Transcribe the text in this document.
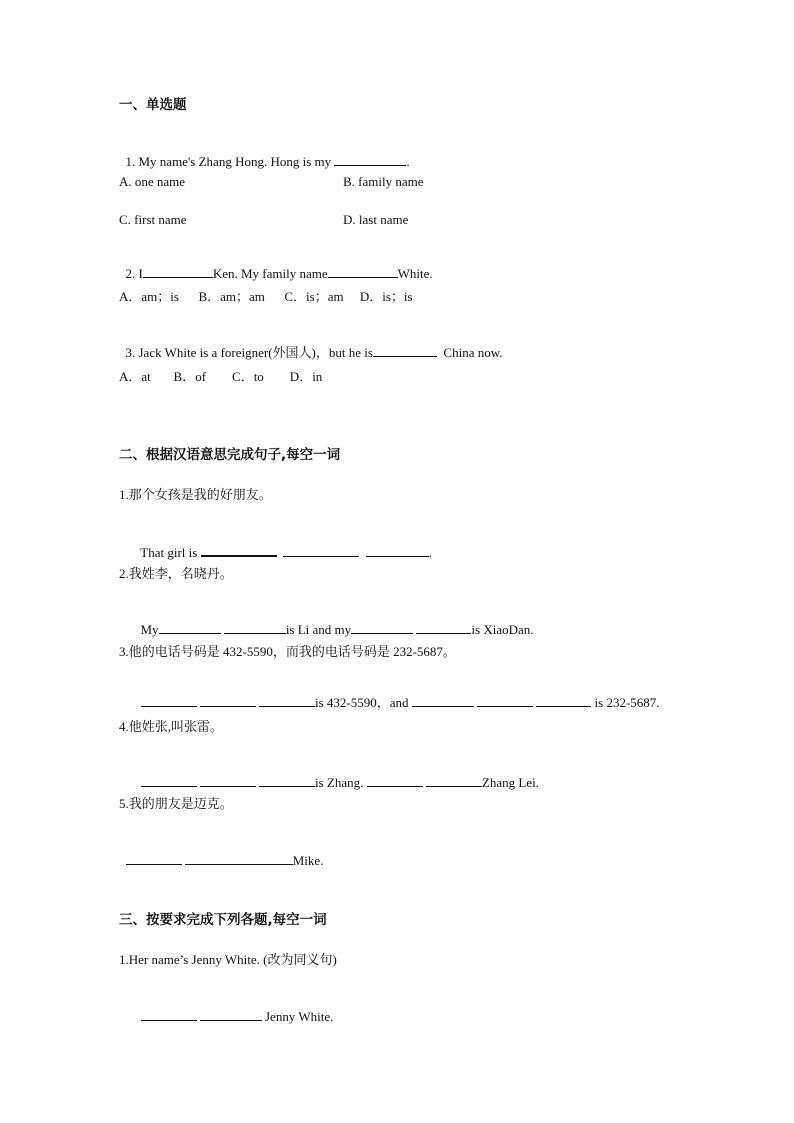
一、单选题

1. My name's Zhang Hong. Hong is my	.

A. one name	B. family name
C. first name	D. last name

2. I	Ken. My family name	White.

A．am；is      B．am；am      C．is；am     D．is；is

3. Jack White is a foreigner(外国人)，but he is	China now.

A．at       B．of        C．to        D．in
二、根据汉语意思完成句子,每空一词
1.那个女孩是我的好朋友。

That girl is	.

2.我姓李，名晓丹。

My	is Li and my	is XiaoDan.

3.他的电话号码是 432-5590，而我的电话号码是 232-5687。

is 432-5590，and	is 232-5687.

4.他姓张,叫张雷。

is Zhang.	Zhang Lei.

5.我的朋友是迈克。

Mike.

三、按要求完成下列各题,每空一词
1.Her name’s Jenny White. (改为同义句)

Jenny White.
